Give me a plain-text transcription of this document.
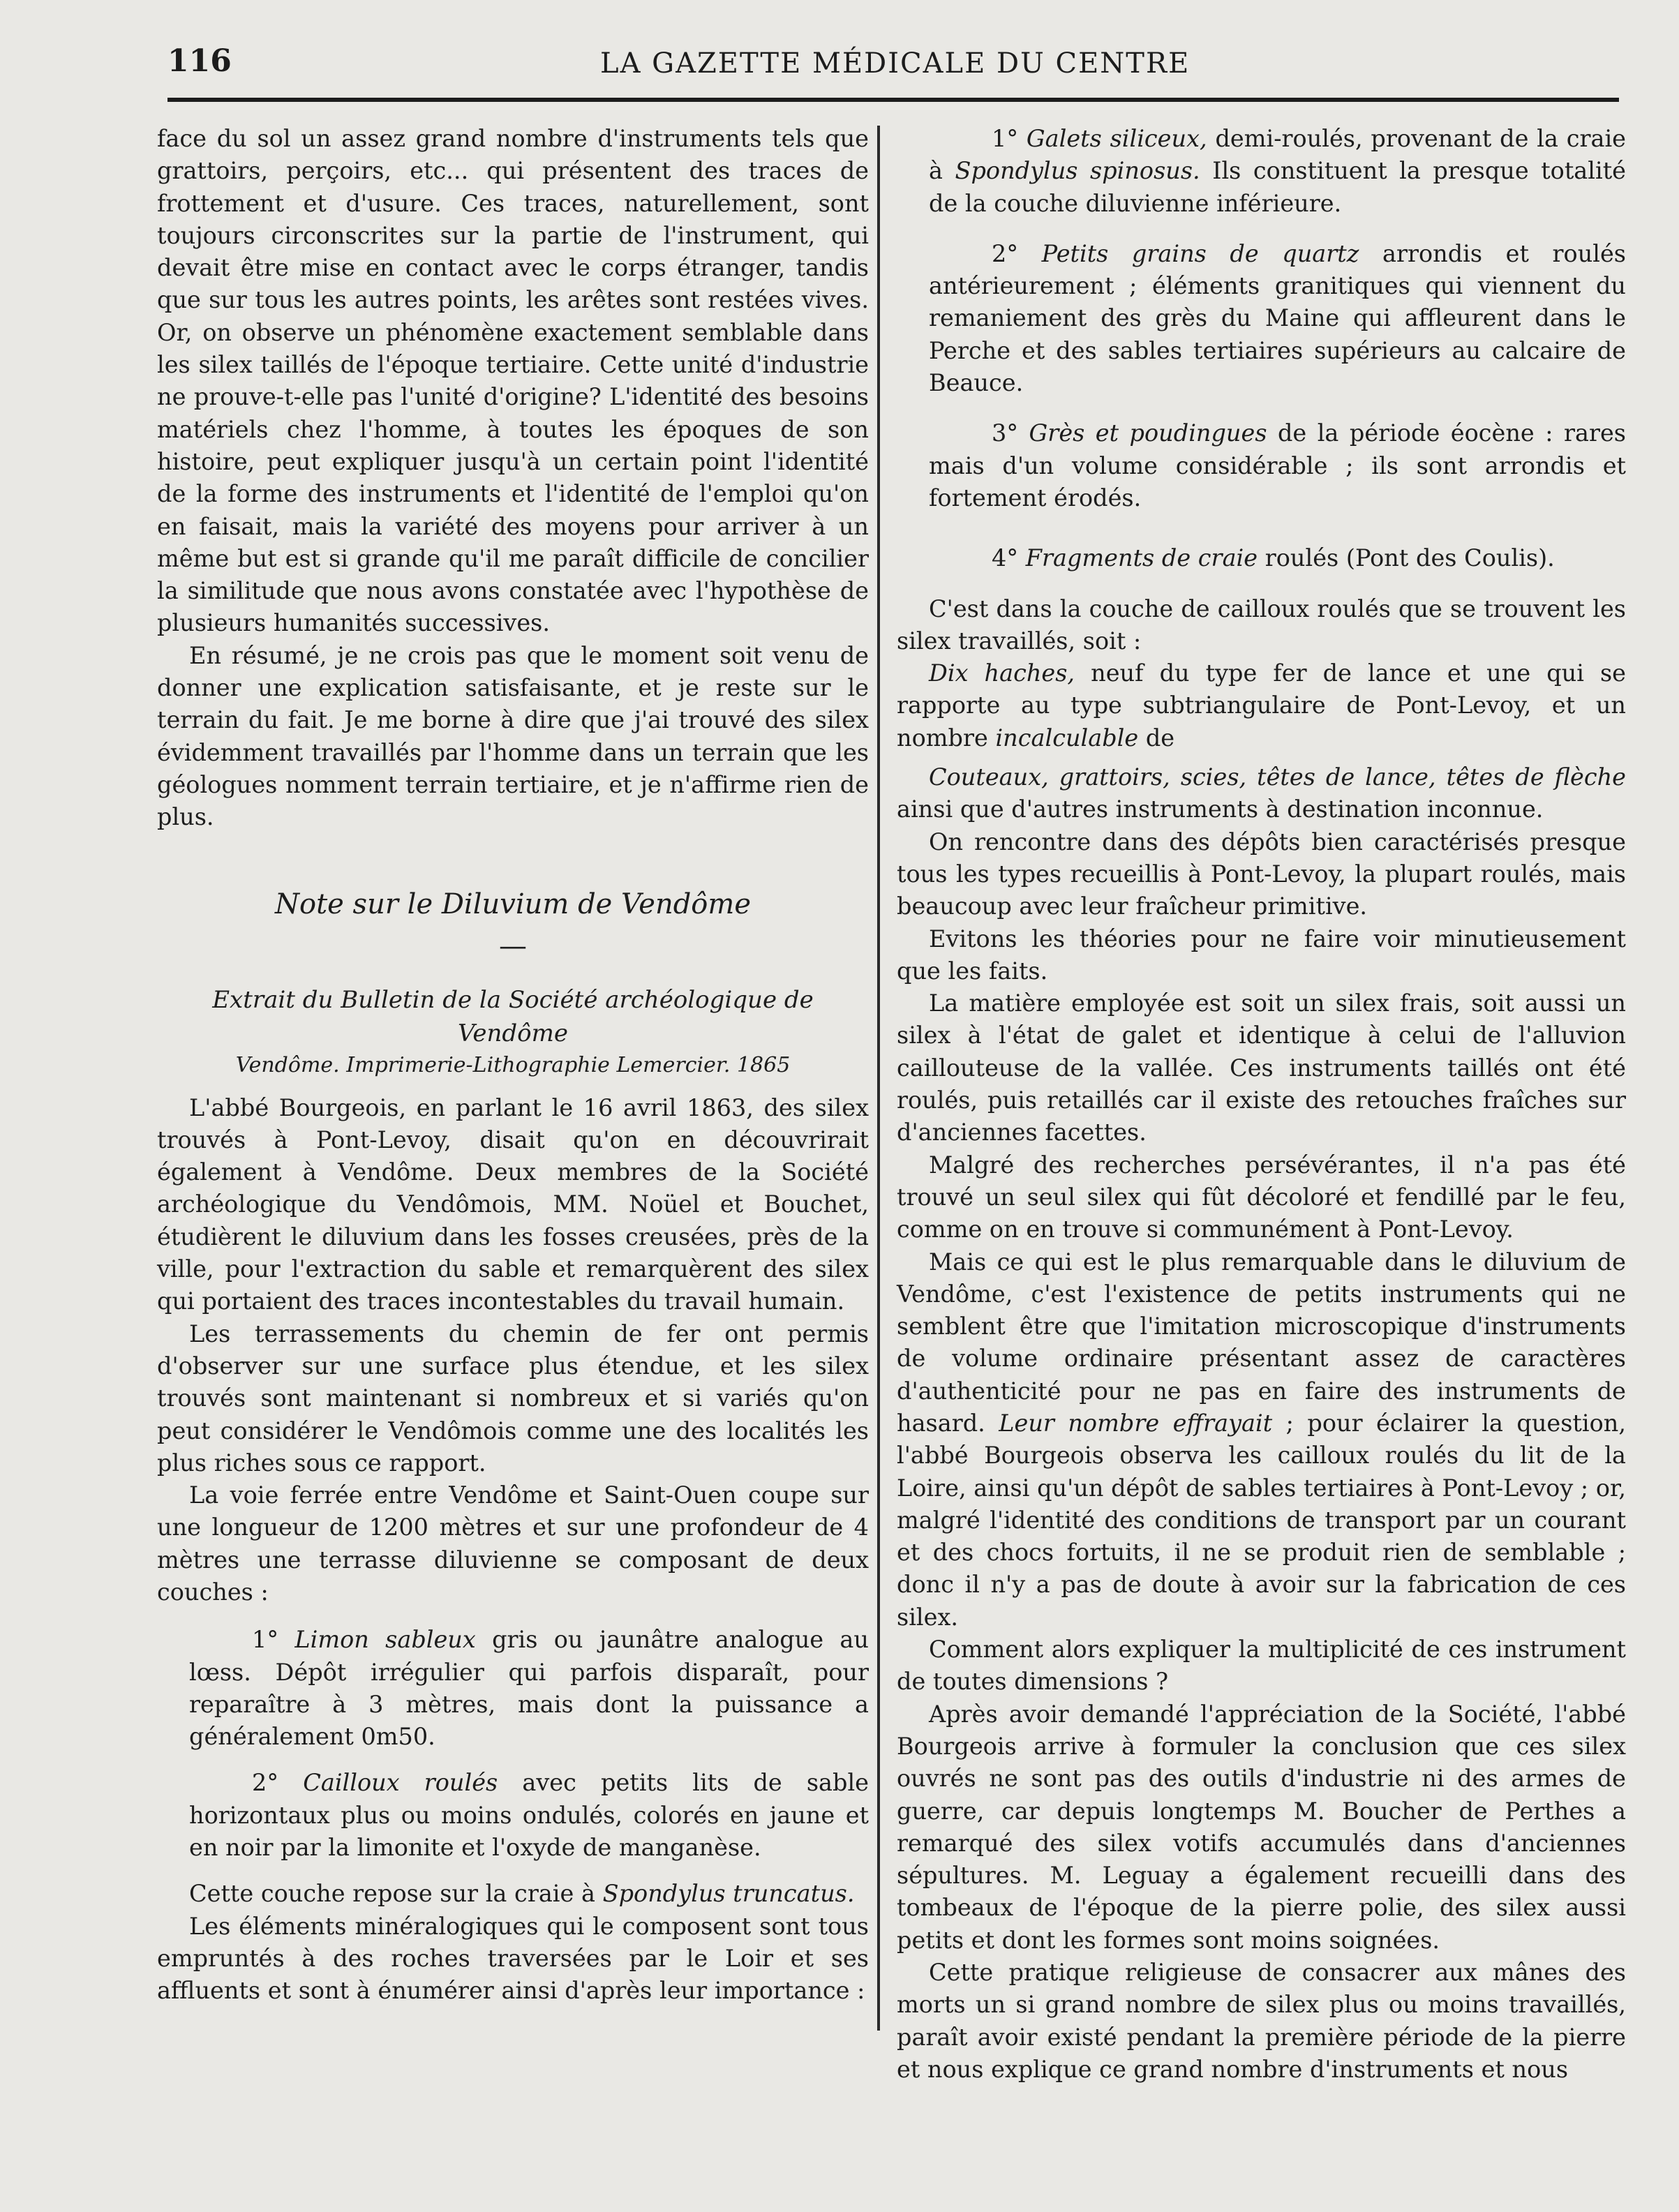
116	LA GAZETTE MÉDICALE DU CENTRE

face du sol un assez grand nombre d'instruments tels que grattoirs, perçoirs, etc... qui présentent des traces de frottement et d'usure. Ces traces, naturellement, sont toujours circonscrites sur la partie de l'instrument, qui devait être mise en contact avec le corps étranger, tandis que sur tous les autres points, les arêtes sont restées vives. Or, on observe un phénomène exactement semblable dans les silex taillés de l'époque tertiaire. Cette unité d'industrie ne prouve-t-elle pas l'unité d'origine? L'identité des besoins matériels chez l'homme, à toutes les époques de son histoire, peut expliquer jusqu'à un certain point l'identité de la forme des instruments et l'identité de l'emploi qu'on en faisait, mais la variété des moyens pour arriver à un même but est si grande qu'il me paraît difficile de concilier la similitude que nous avons constatée avec l'hypothèse de plusieurs humanités successives.

En résumé, je ne crois pas que le moment soit venu de donner une explication satisfaisante, et je reste sur le terrain du fait. Je me borne à dire que j'ai trouvé des silex évidemment travaillés par l'homme dans un terrain que les géologues nomment terrain tertiaire, et je n'affirme rien de plus.

Note sur le Diluvium de Vendôme
—
Extrait du Bulletin de la Société archéologique de Vendôme
Vendôme. Imprimerie-Lithographie Lemercier. 1865

L'abbé Bourgeois, en parlant le 16 avril 1863, des silex trouvés à Pont-Levoy, disait qu'on en découvrirait également à Vendôme. Deux membres de la Société archéologique du Vendômois, MM. Noüel et Bouchet, étudièrent le diluvium dans les fosses creusées, près de la ville, pour l'extraction du sable et remarquèrent des silex qui portaient des traces incontestables du travail humain.

Les terrassements du chemin de fer ont permis d'observer sur une surface plus étendue, et les silex trouvés sont maintenant si nombreux et si variés qu'on peut considérer le Vendômois comme une des localités les plus riches sous ce rapport.

La voie ferrée entre Vendôme et Saint-Ouen coupe sur une longueur de 1200 mètres et sur une profondeur de 4 mètres une terrasse diluvienne se composant de deux couches :

1° Limon sableux gris ou jaunâtre analogue au lœss. Dépôt irrégulier qui parfois disparaît, pour reparaître à 3 mètres, mais dont la puissance a généralement 0m50.

2° Cailloux roulés avec petits lits de sable horizontaux plus ou moins ondulés, colorés en jaune et en noir par la limonite et l'oxyde de manganèse.

Cette couche repose sur la craie à Spondylus truncatus.

Les éléments minéralogiques qui le composent sont tous empruntés à des roches traversées par le Loir et ses affluents et sont à énumérer ainsi d'après leur importance :

1° Galets siliceux, demi-roulés, provenant de la craie à Spondylus spinosus. Ils constituent la presque totalité de la couche diluvienne inférieure.

2° Petits grains de quartz arrondis et roulés antérieurement ; éléments granitiques qui viennent du remaniement des grès du Maine qui affleurent dans le Perche et des sables tertiaires supérieurs au calcaire de Beauce.

3° Grès et poudingues de la période éocène : rares mais d'un volume considérable ; ils sont arrondis et fortement érodés.

4° Fragments de craie roulés (Pont des Coulis).

C'est dans la couche de cailloux roulés que se trouvent les silex travaillés, soit :

Dix haches, neuf du type fer de lance et une qui se rapporte au type subtriangulaire de Pont-Levoy, et un nombre incalculable de

Couteaux, grattoirs, scies, têtes de lance, têtes de flèche ainsi que d'autres instruments à destination inconnue.

On rencontre dans des dépôts bien caractérisés presque tous les types recueillis à Pont-Levoy, la plupart roulés, mais beaucoup avec leur fraîcheur primitive.

Evitons les théories pour ne faire voir minutieusement que les faits.

La matière employée est soit un silex frais, soit aussi un silex à l'état de galet et identique à celui de l'alluvion caillouteuse de la vallée. Ces instruments taillés ont été roulés, puis retaillés car il existe des retouches fraîches sur d'anciennes facettes.

Malgré des recherches persévérantes, il n'a pas été trouvé un seul silex qui fût décoloré et fendillé par le feu, comme on en trouve si communément à Pont-Levoy.

Mais ce qui est le plus remarquable dans le diluvium de Vendôme, c'est l'existence de petits instruments qui ne semblent être que l'imitation microscopique d'instruments de volume ordinaire présentant assez de caractères d'authenticité pour ne pas en faire des instruments de hasard. Leur nombre effrayait ; pour éclairer la question, l'abbé Bourgeois observa les cailloux roulés du lit de la Loire, ainsi qu'un dépôt de sables tertiaires à Pont-Levoy ; or, malgré l'identité des conditions de transport par un courant et des chocs fortuits, il ne se produit rien de semblable ; donc il n'y a pas de doute à avoir sur la fabrication de ces silex.

Comment alors expliquer la multiplicité de ces instrument de toutes dimensions ?

Après avoir demandé l'appréciation de la Société, l'abbé Bourgeois arrive à formuler la conclusion que ces silex ouvrés ne sont pas des outils d'industrie ni des armes de guerre, car depuis longtemps M. Boucher de Perthes a remarqué des silex votifs accumulés dans d'anciennes sépultures. M. Leguay a également recueilli dans des tombeaux de l'époque de la pierre polie, des silex aussi petits et dont les formes sont moins soignées.

Cette pratique religieuse de consacrer aux mânes des morts un si grand nombre de silex plus ou moins travaillés, paraît avoir existé pendant la première période de la pierre et nous explique ce grand nombre d'instruments et nous
